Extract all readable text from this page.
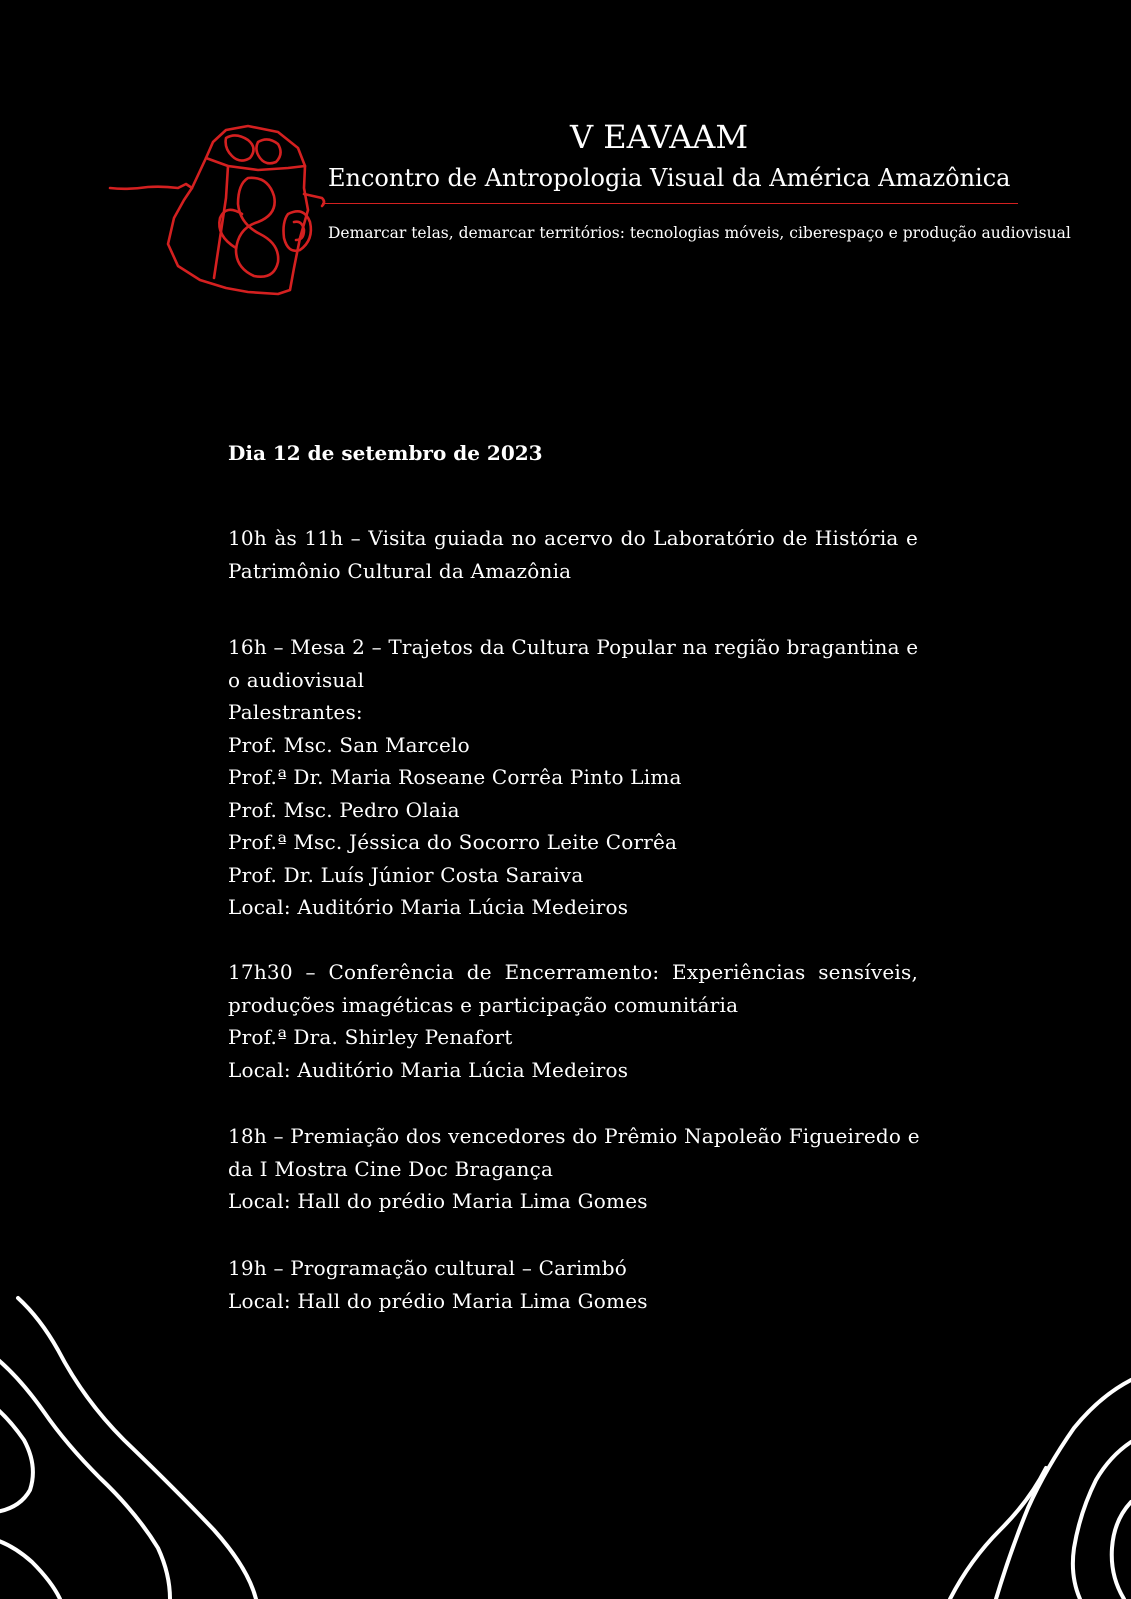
V EAVAAM
Encontro de Antropologia Visual da América Amazônica
Demarcar telas, demarcar territórios: tecnologias móveis, ciberespaço e produção audiovisual
Dia 12 de setembro de 2023
10h às 11h – Visita guiada no acervo do Laboratório de História e
Patrimônio Cultural da Amazônia
16h – Mesa 2 – Trajetos da Cultura Popular na região bragantina e
o audiovisual
Palestrantes:
Prof. Msc. San Marcelo
Prof.ª Dr. Maria Roseane Corrêa Pinto Lima
Prof. Msc. Pedro Olaia
Prof.ª Msc. Jéssica do Socorro Leite Corrêa
Prof. Dr. Luís Júnior Costa Saraiva
Local: Auditório Maria Lúcia Medeiros
17h30 – Conferência de Encerramento: Experiências sensíveis,
produções imagéticas e participação comunitária
Prof.ª Dra. Shirley Penafort
Local: Auditório Maria Lúcia Medeiros
18h – Premiação dos vencedores do Prêmio Napoleão Figueiredo e
da I Mostra Cine Doc Bragança
Local: Hall do prédio Maria Lima Gomes
19h – Programação cultural – Carimbó
Local: Hall do prédio Maria Lima Gomes
